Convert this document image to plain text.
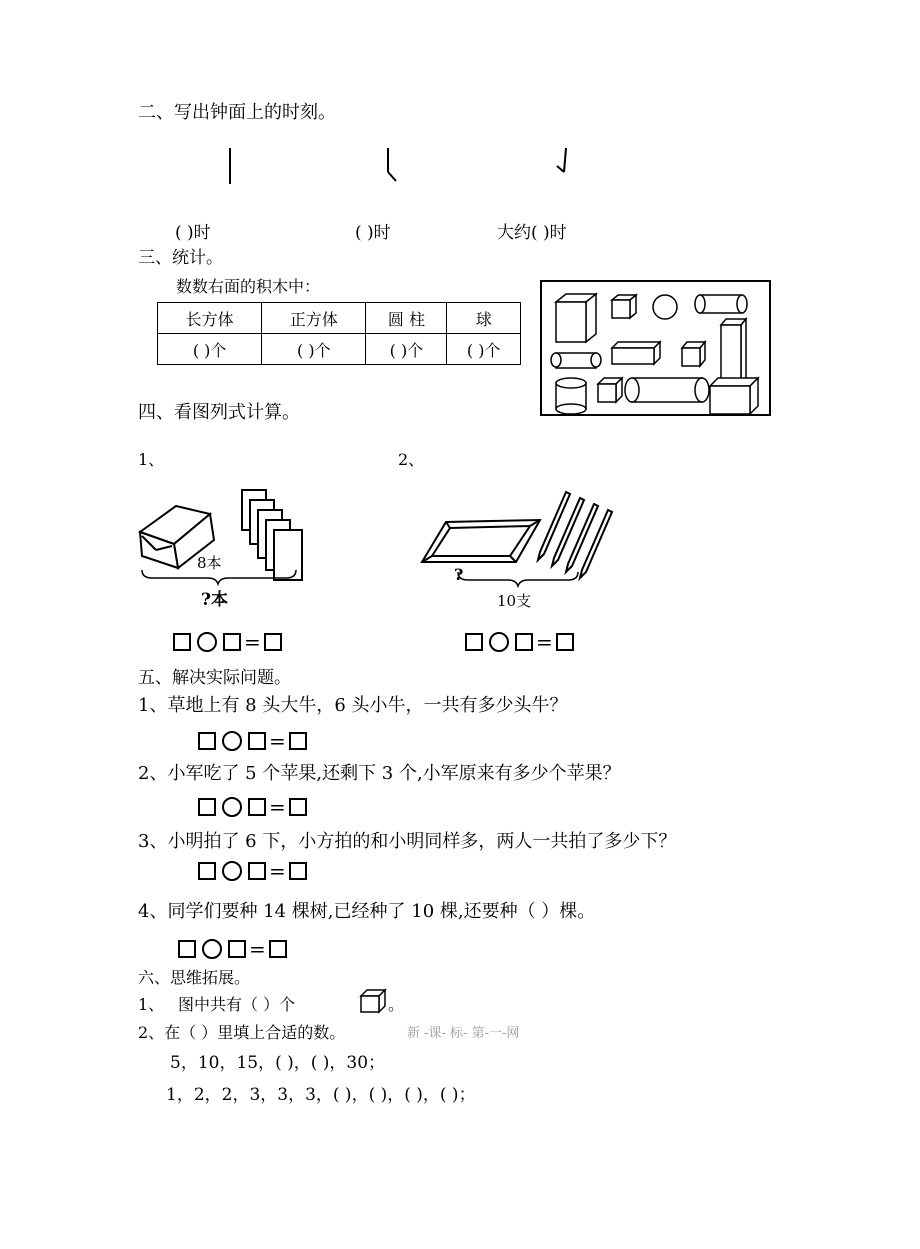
二、写出钟面上的时刻。
( )时	( )时	大约( )时
三、统计。
数数右面的积木中：
长方体	正方体	圆 柱	球
( )个	( )个	( )个	( )个
四、看图列式计算。
1、	2、
8本
?本
?
10支
=	=
五、解决实际问题。
1、草地上有 8 头大牛，6 头小牛，一共有多少头牛？
=
2、小军吃了 5 个苹果,还剩下 3 个,小军原来有多少个苹果？
=
3、小明拍了 6 下，小方拍的和小明同样多，两人一共拍了多少下？
=
4、同学们要种 14 棵树,已经种了 10 棵,还要种（ ）棵。
=
六、思维拓展。
1、 图中共有（ ）个	。
2、在（ ）里填上合适的数。	新 -课- 标- 第-一-网
5，10，15，( )，( )，30；
1，2，2，3，3，3，( )，( )，( )，( )；
